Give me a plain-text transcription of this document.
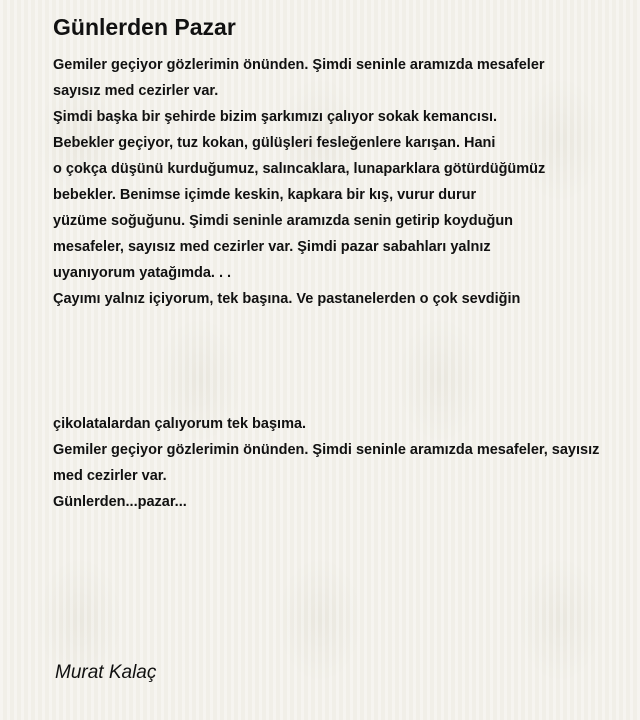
Günlerden Pazar
Gemiler geçiyor gözlerimin önünden. Şimdi seninle aramızda mesafeler
sayısız med cezirler var.
Şimdi başka bir şehirde bizim şarkımızı çalıyor sokak kemancısı.
Bebekler geçiyor, tuz kokan, gülüşleri fesleğenlere karışan. Hani
o çokça düşünü kurduğumuz, salıncaklara, lunaparklara götürdüğümüz
bebekler. Benimse içimde keskin, kapkara bir kış, vurur durur
yüzüme soğuğunu. Şimdi seninle aramızda senin getirip koyduğun
mesafeler, sayısız med cezirler var. Şimdi pazar sabahları yalnız
uyanıyorum yatağımda. . .
Çayımı yalnız içiyorum, tek başına. Ve pastanelerden o çok sevdiğin
çikolatalardan çalıyorum tek başıma.
Gemiler geçiyor gözlerimin önünden. Şimdi seninle aramızda mesafeler, sayısız
med cezirler var.
Günlerden...pazar...
Murat Kalaç
